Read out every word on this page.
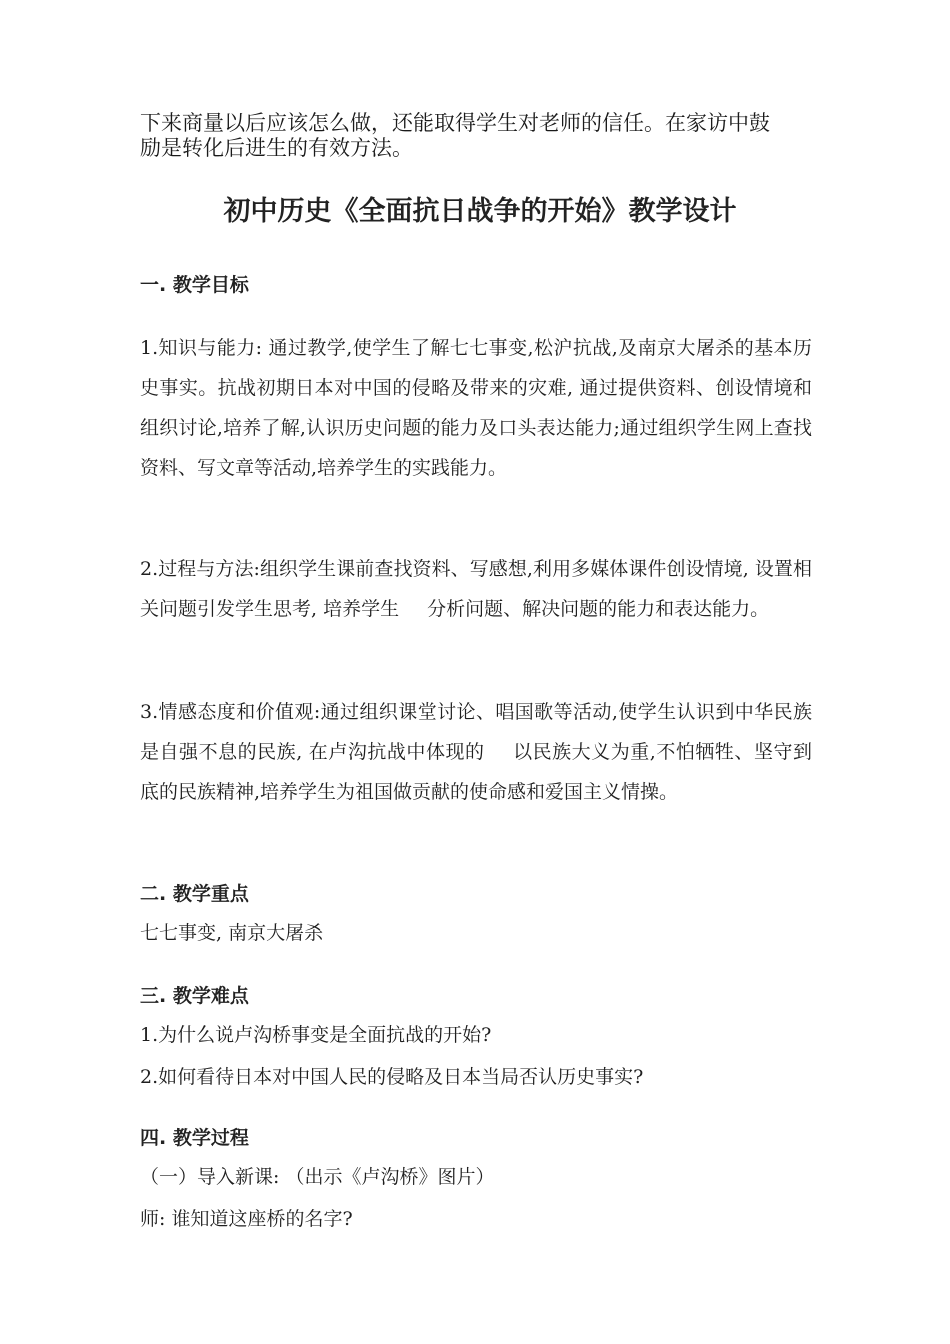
下来商量以后应该怎么做，还能取得学生对老师的信任。在家访中鼓
励是转化后进生的有效方法。
初中历史《全面抗日战争的开始》教学设计
一. 教学目标
1.知识与能力: 通过教学,使学生了解七七事变,松沪抗战,及南京大屠杀的基本历史事实。抗战初期日本对中国的侵略及带来的灾难, 通过提供资料、创设情境和组织讨论,培养了解,认识历史问题的能力及口头表达能力;通过组织学生网上查找资料、写文章等活动,培养学生的实践能力。
2.过程与方法:组织学生课前查找资料、写感想,利用多媒体课件创设情境, 设置相关问题引发学生思考, 培养学生 分析问题、解决问题的能力和表达能力。
3.情感态度和价值观:通过组织课堂讨论、唱国歌等活动,使学生认识到中华民族是自强不息的民族, 在卢沟抗战中体现的 以民族大义为重,不怕牺牲、坚守到底的民族精神,培养学生为祖国做贡献的使命感和爱国主义情操。
二. 教学重点
七七事变, 南京大屠杀
三. 教学难点
1.为什么说卢沟桥事变是全面抗战的开始?
2.如何看待日本对中国人民的侵略及日本当局否认历史事实?
四. 教学过程
（一）导入新课: （出示《卢沟桥》图片）
师: 谁知道这座桥的名字?
